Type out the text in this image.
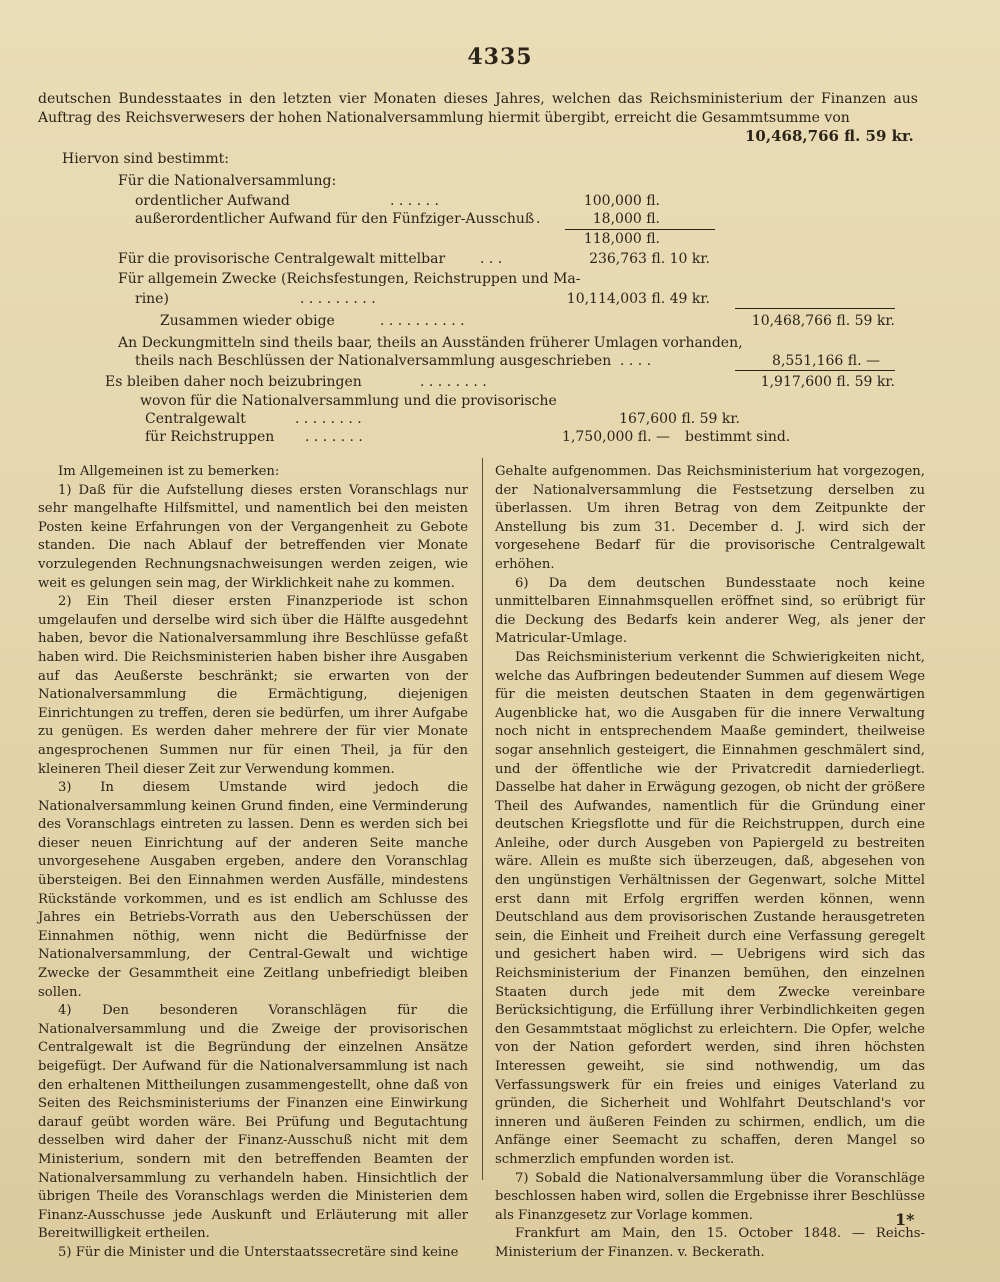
4335
deutschen Bundesstaates in den letzten vier Monaten dieses Jahres, welchen das Reichsministerium der Finanzen aus Auftrag des Reichsverwesers der hohen Nationalversammlung hiermit übergibt, erreicht die Gesammtsumme von
10,468,766 fl. 59 kr.
Hiervon sind bestimmt:
Für die Nationalversammlung:
ordentlicher Aufwand	. . . . . .	100,000 fl.
außerordentlicher Aufwand für den Fünfziger-Ausschuß .	18,000 fl.
118,000 fl.
Für die provisorische Centralgewalt mittelbar . . .	236,763 fl. 10 kr.
Für allgemein Zwecke (Reichsfestungen, Reichstruppen und Ma-
rine)	. . . . . . . . .	10,114,003 fl. 49 kr.
Zusammen wieder obige	. . . . . . . . . .	10,468,766 fl. 59 kr.
An Deckungmitteln sind theils baar, theils an Ausständen früherer Umlagen vorhanden,
theils nach Beschlüssen der Nationalversammlung ausgeschrieben . . . .	8,551,166 fl. —
Es bleiben daher noch beizubringen	. . . . . . . .	1,917,600 fl. 59 kr.
wovon für die Nationalversammlung und die provisorische
Centralgewalt	. . . . . . . .	167,600 fl. 59 kr.
für Reichstruppen . . . . . . .	1,750,000 fl. — bestimmt sind.

Im Allgemeinen ist zu bemerken:

1) Daß für die Aufstellung dieses ersten Voranschlags nur sehr mangelhafte Hilfsmittel, und namentlich bei den meisten Posten keine Erfahrungen von der Vergangenheit zu Gebote standen. Die nach Ablauf der betreffenden vier Monate vorzulegenden Rechnungsnachweisungen werden zeigen, wie weit es gelungen sein mag, der Wirklichkeit nahe zu kommen.

2) Ein Theil dieser ersten Finanzperiode ist schon umgelaufen und derselbe wird sich über die Hälfte ausgedehnt haben, bevor die Nationalversammlung ihre Beschlüsse gefaßt haben wird. Die Reichsministerien haben bisher ihre Ausgaben auf das Aeußerste beschränkt; sie erwarten von der Nationalversammlung die Ermächtigung, diejenigen Einrichtungen zu treffen, deren sie bedürfen, um ihrer Aufgabe zu genügen. Es werden daher mehrere der für vier Monate angesprochenen Summen nur für einen Theil, ja für den kleineren Theil dieser Zeit zur Verwendung kommen.

3) In diesem Umstande wird jedoch die Nationalversammlung keinen Grund finden, eine Verminderung des Voranschlags eintreten zu lassen. Denn es werden sich bei dieser neuen Einrichtung auf der anderen Seite manche unvorgesehene Ausgaben ergeben, andere den Voranschlag übersteigen. Bei den Einnahmen werden Ausfälle, mindestens Rückstände vorkommen, und es ist endlich am Schlusse des Jahres ein Betriebs-Vorrath aus den Ueberschüssen der Einnahmen nöthig, wenn nicht die Bedürfnisse der Nationalversammlung, der Central-Gewalt und wichtige Zwecke der Gesammtheit eine Zeitlang unbefriedigt bleiben sollen.

4) Den besonderen Voranschlägen für die Nationalversammlung und die Zweige der provisorischen Centralgewalt ist die Begründung der einzelnen Ansätze beigefügt. Der Aufwand für die Nationalversammlung ist nach den erhaltenen Mittheilungen zusammengestellt, ohne daß von Seiten des Reichsministeriums der Finanzen eine Einwirkung darauf geübt worden wäre. Bei Prüfung und Begutachtung desselben wird daher der Finanz-Ausschuß nicht mit dem Ministerium, sondern mit den betreffenden Beamten der Nationalversammlung zu verhandeln haben. Hinsichtlich der übrigen Theile des Voranschlags werden die Ministerien dem Finanz-Ausschusse jede Auskunft und Erläuterung mit aller Bereitwilligkeit ertheilen.

5) Für die Minister und die Unterstaatssecretäre sind keine

Gehalte aufgenommen. Das Reichsministerium hat vorgezogen, der Nationalversammlung die Festsetzung derselben zu überlassen. Um ihren Betrag von dem Zeitpunkte der Anstellung bis zum 31. December d. J. wird sich der vorgesehene Bedarf für die provisorische Centralgewalt erhöhen.

6) Da dem deutschen Bundesstaate noch keine unmittelbaren Einnahmsquellen eröffnet sind, so erübrigt für die Deckung des Bedarfs kein anderer Weg, als jener der Matricular-Umlage.

Das Reichsministerium verkennt die Schwierigkeiten nicht, welche das Aufbringen bedeutender Summen auf diesem Wege für die meisten deutschen Staaten in dem gegenwärtigen Augenblicke hat, wo die Ausgaben für die innere Verwaltung noch nicht in entsprechendem Maaße gemindert, theilweise sogar ansehnlich gesteigert, die Einnahmen geschmälert sind, und der öffentliche wie der Privatcredit darniederliegt. Dasselbe hat daher in Erwägung gezogen, ob nicht der größere Theil des Aufwandes, namentlich für die Gründung einer deutschen Kriegsflotte und für die Reichstruppen, durch eine Anleihe, oder durch Ausgeben von Papiergeld zu bestreiten wäre. Allein es mußte sich überzeugen, daß, abgesehen von den ungünstigen Verhältnissen der Gegenwart, solche Mittel erst dann mit Erfolg ergriffen werden können, wenn Deutschland aus dem provisorischen Zustande herausgetreten sein, die Einheit und Freiheit durch eine Verfassung geregelt und gesichert haben wird. — Uebrigens wird sich das Reichsministerium der Finanzen bemühen, den einzelnen Staaten durch jede mit dem Zwecke vereinbare Berücksichtigung, die Erfüllung ihrer Verbindlichkeiten gegen den Gesammtstaat möglichst zu erleichtern. Die Opfer, welche von der Nation gefordert werden, sind ihren höchsten Interessen geweiht, sie sind nothwendig, um das Verfassungswerk für ein freies und einiges Vaterland zu gründen, die Sicherheit und Wohlfahrt Deutschland's vor inneren und äußeren Feinden zu schirmen, endlich, um die Anfänge einer Seemacht zu schaffen, deren Mangel so schmerzlich empfunden worden ist.

7) Sobald die Nationalversammlung über die Voranschläge beschlossen haben wird, sollen die Ergebnisse ihrer Beschlüsse als Finanzgesetz zur Vorlage kommen.

Frankfurt am Main, den 15. October 1848. — Reichs-Ministerium der Finanzen. v. Beckerath.

1*
